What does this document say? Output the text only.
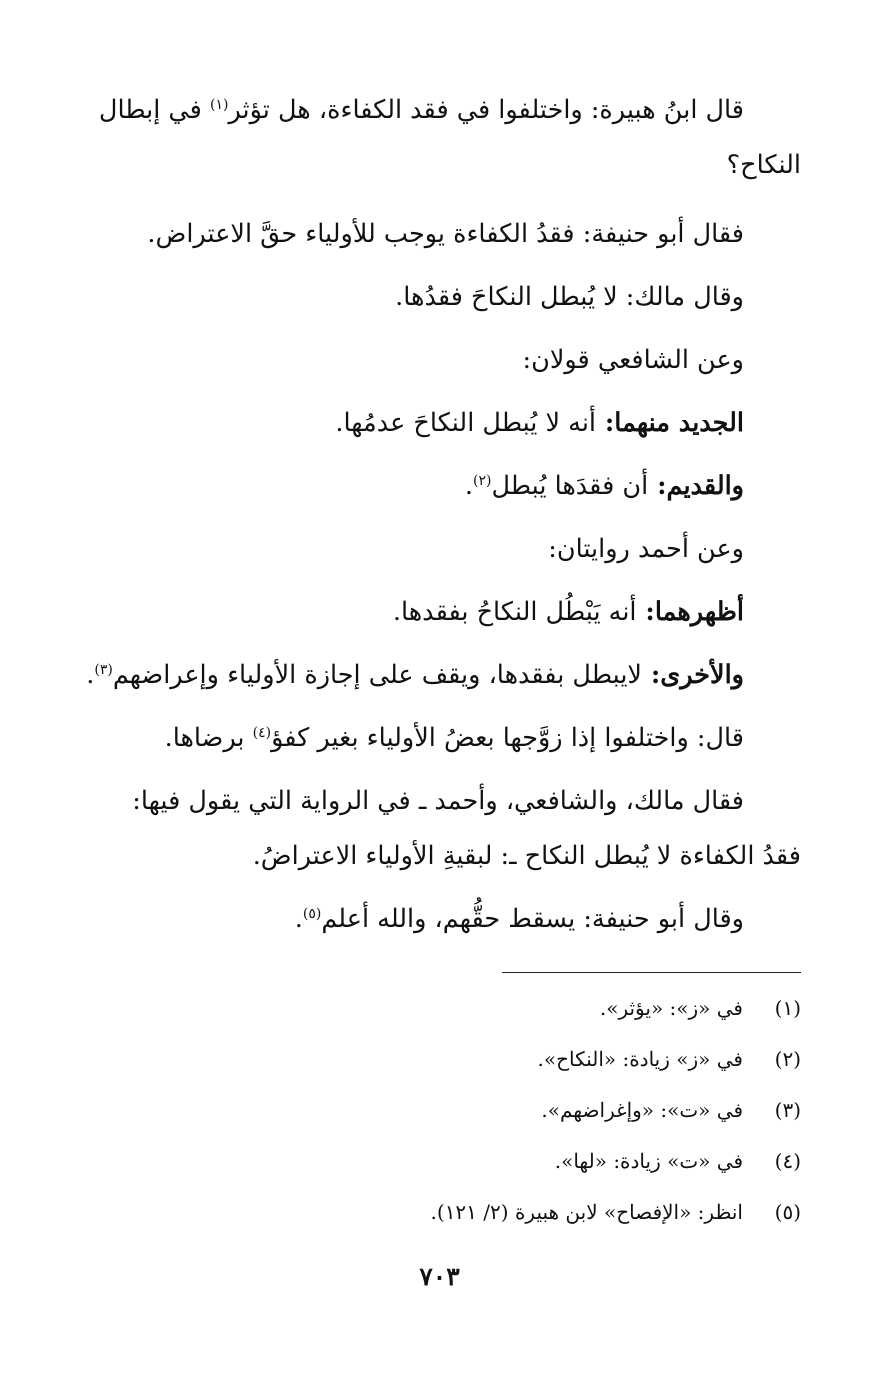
قال ابنُ هبيرة: واختلفوا في فقد الكفاءة، هل تؤثر$^{(١)}$ في إبطال
النكاح؟
فقال أبو حنيفة: فقدُ الكفاءة يوجب للأولياء حقَّ الاعتراض.
وقال مالك: لا يُبطل النكاحَ فقدُها.
وعن الشافعي قولان:
الجديد منهما: أنه لا يُبطل النكاحَ عدمُها.
والقديم: أن فقدَها يُبطل$^{(٢)}$.
وعن أحمد روايتان:
أظهرهما: أنه يَبْطُل النكاحُ بفقدها.
والأخرى: لايبطل بفقدها، ويقف على إجازة الأولياء وإعراضهم$^{(٣)}$.
قال: واختلفوا إذا زوَّجها بعضُ الأولياء بغير كفؤ$^{(٤)}$ برضاها.
فقال مالك، والشافعي، وأحمد ـ في الرواية التي يقول فيها:
فقدُ الكفاءة لا يُبطل النكاح ـ: لبقيةِ الأولياء الاعتراضُ.
وقال أبو حنيفة: يسقط حقُّهم، والله أعلم$^{(٥)}$.
(١)في «ز»: «يؤثر».
(٢)في «ز» زيادة: «النكاح».
(٣)في «ت»: «وإغراضهم».
(٤)في «ت» زيادة: «لها».
(٥)انظر: «الإفصاح» لابن هبيرة (٢/ ١٢١).
٧٠٣
